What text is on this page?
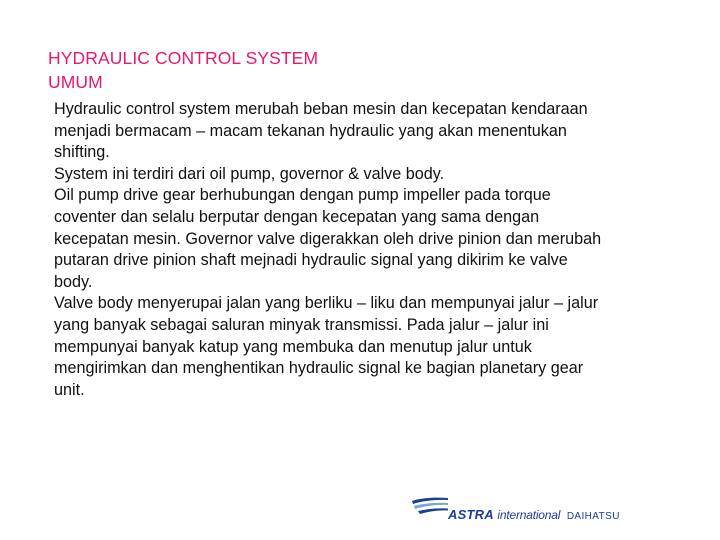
HYDRAULIC CONTROL SYSTEM
UMUM
Hydraulic control system merubah beban mesin dan kecepatan kendaraan
menjadi bermacam – macam tekanan hydraulic yang akan menentukan
shifting.
System ini terdiri dari oil pump, governor & valve body.
Oil pump drive gear berhubungan dengan pump impeller pada torque
coventer dan selalu berputar dengan kecepatan yang sama dengan
kecepatan mesin. Governor valve digerakkan oleh drive pinion dan merubah
putaran drive pinion shaft mejnadi hydraulic signal yang dikirim ke valve
body.
Valve body menyerupai jalan yang berliku – liku dan mempunyai jalur – jalur
yang banyak sebagai saluran minyak transmissi. Pada jalur – jalur ini
mempunyai banyak katup yang membuka dan menutup jalur untuk
mengirimkan dan menghentikan hydraulic signal ke bagian planetary gear
unit.
ASTRA international DAIHATSU
